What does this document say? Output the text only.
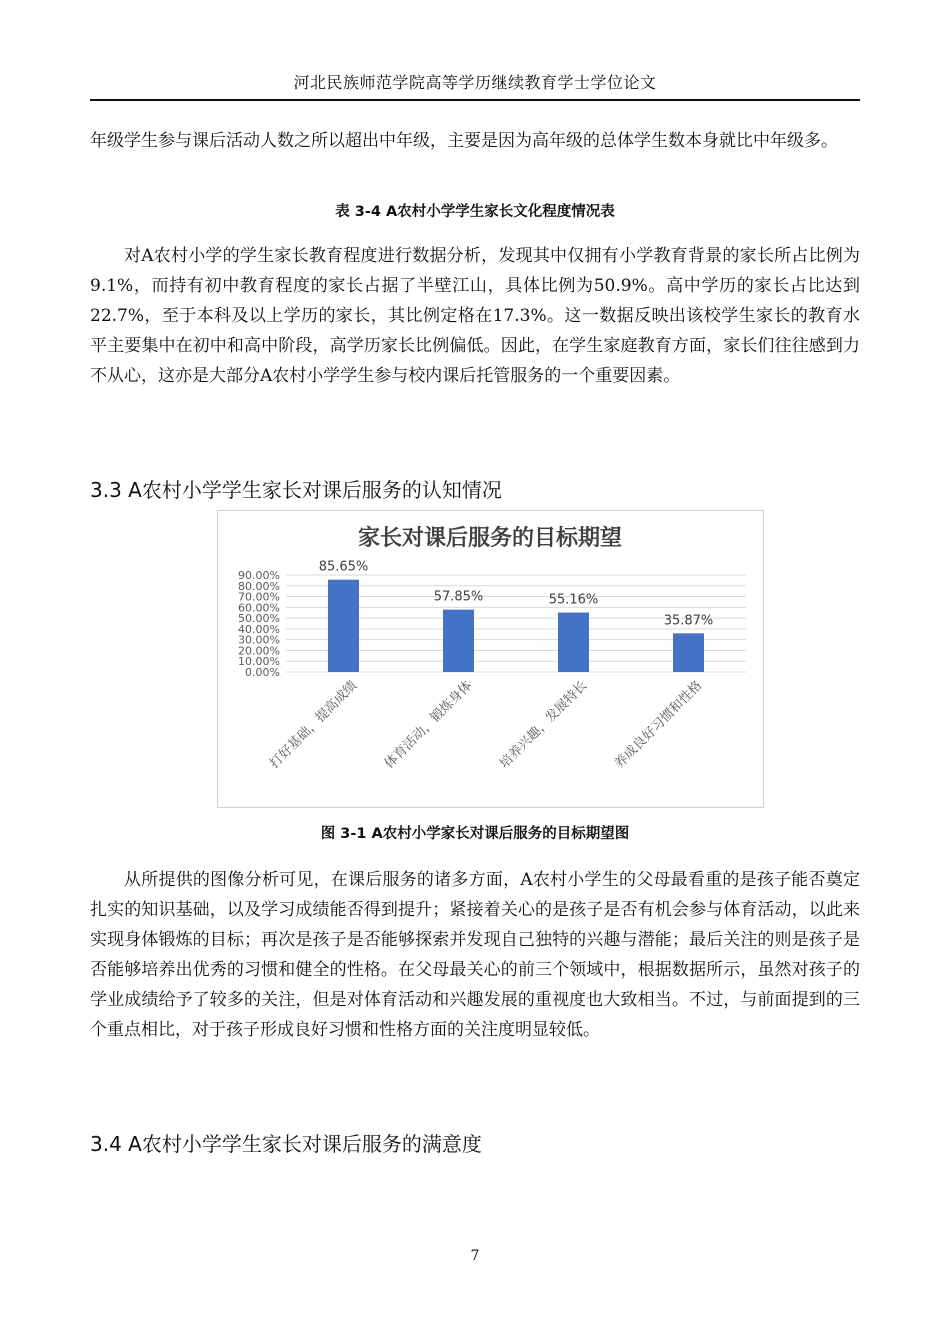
河北民族师范学院高等学历继续教育学士学位论文

年级学生参与课后活动人数之所以超出中年级，主要是因为高年级的总体学生数本身就比中年级多。

表 3-4 A农村小学学生家长文化程度情况表

对A农村小学的学生家长教育程度进行数据分析，发现其中仅拥有小学教育背景的家长所占比例为9.1%，而持有初中教育程度的家长占据了半壁江山，具体比例为50.9%。高中学历的家长占比达到22.7%，至于本科及以上学历的家长，其比例定格在17.3%。这一数据反映出该校学生家长的教育水平主要集中在初中和高中阶段，高学历家长比例偏低。因此，在学生家庭教育方面，家长们往往感到力不从心，这亦是大部分A农村小学学生参与校内课后托管服务的一个重要因素。

3.3 A农村小学学生家长对课后服务的认知情况
家长对课后服务的目标期望
0.00%
10.00%
20.00%
30.00%
40.00%
50.00%
60.00%
70.00%
80.00%
90.00%
85.65%
57.85%	55.16%
35.87%
打好基础，提高成绩 体育活动，锻炼身体 培养兴趣，发展特长 养成良好习惯和性格
图 3-1 A农村小学家长对课后服务的目标期望图

从所提供的图像分析可见，在课后服务的诸多方面，A农村小学生的父母最看重的是孩子能否奠定扎实的知识基础，以及学习成绩能否得到提升；紧接着关心的是孩子是否有机会参与体育活动，以此来实现身体锻炼的目标；再次是孩子是否能够探索并发现自己独特的兴趣与潜能；最后关注的则是孩子是否能够培养出优秀的习惯和健全的性格。在父母最关心的前三个领域中，根据数据所示，虽然对孩子的学业成绩给予了较多的关注，但是对体育活动和兴趣发展的重视度也大致相当。不过，与前面提到的三个重点相比，对于孩子形成良好习惯和性格方面的关注度明显较低。

3.4 A农村小学学生家长对课后服务的满意度
7
